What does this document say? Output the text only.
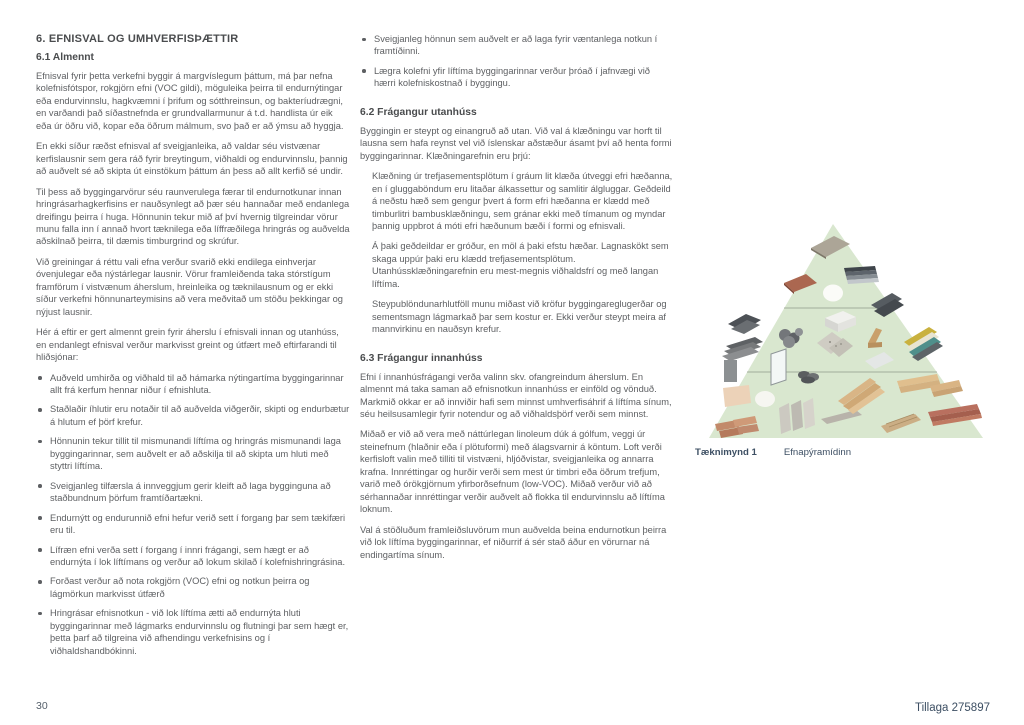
6. EFNISVAL OG UMHVERFISÞÆTTIR
6.1 Almennt

Efnisval fyrir þetta verkefni byggir á margvíslegum þáttum, má þar nefna kolefnisfótspor, rokgjörn efni (VOC gildi), möguleika þeirra til endurnýtingar eða endurvinnslu, hagkvæmni í þrifum og sótthreinsun, og bakteríudrægni, en varðandi það síðastnefnda er grundvallarmunur á t.d. handlista úr eik eða úr öðru við, kopar eða öðrum málmum, svo það er að ýmsu að hyggja.

En ekki síður ræðst efnisval af sveigjanleika, að valdar séu vistvænar kerfislausnir sem gera ráð fyrir breytingum, viðhaldi og endurvinnslu, þannig að auðvelt sé að skipta út einstökum þáttum án þess að allt kerfið sé undir.

Til þess að byggingarvörur séu raunverulega færar til endurnotkunar innan hringrásarhagkerfisins er nauðsynlegt að þær séu hannaðar með endanlega dreifingu þeirra í huga. Hönnunin tekur mið af því hvernig tilgreindar vörur munu falla inn í annað hvort tæknilega eða líffræðilega hringrás og auðvelda aðskilnað þeirra, til dæmis timburgrind og skrúfur.

Við greiningar á réttu vali efna verður svarið ekki endilega einhverjar óvenjulegar eða nýstárlegar lausnir. Vörur framleiðenda taka stórstígum framförum í vistvænum áherslum, hreinleika og tæknilausnum og er ekki síður verkefni hönnunarteymisins að vera meðvitað um stöðu þekkingar og nýjust lausnir.

Hér á eftir er gert almennt grein fyrir áherslu í efnisvali innan og utanhúss, en endanlegt efnisval verður markvisst greint og útfært með eftirfarandi til hliðsjónar:

Auðveld umhirða og viðhald til að hámarka nýtingartíma byggingarinnar allt frá kerfum hennar niður í efnishluta.
Staðlaðir íhlutir eru notaðir til að auðvelda viðgerðir, skipti og endurbætur á hlutum ef þörf krefur.
Hönnunin tekur tillit til mismunandi líftíma og hringrás mismunandi laga byggingarinnar, sem auðvelt er að aðskilja til að skipta um hluti með styttri líftíma.
Sveigjanleg tilfærsla á innveggjum gerir kleift að laga bygginguna að staðbundnum þörfum framtíðartækni.
Endurnýtt og endurunnið efni hefur verið sett í forgang þar sem tækifæri eru til.
Lífræn efni verða sett í forgang í innri frágangi, sem hægt er að endurnýta í lok líftímans og verður að lokum skilað í kolefnishringrásina.
Forðast verður að nota rokgjörn (VOC) efni og notkun þeirra og lágmörkun markvisst útfærð
Hringrásar efnisnotkun - við lok líftíma ætti að endurnýta hluti byggingarinnar með lágmarks endurvinnslu og flutningi þar sem hægt er, þetta þarf að tilgreina við afhendingu verkefnisins og í viðhaldshandbókinni.
Sveigjanleg hönnun sem auðvelt er að laga fyrir væntanlega notkun í framtíðinni.
Lægra kolefni yfir líftíma byggingarinnar verður þróað í jafnvægi við hærri kolefniskostnað í byggingu.
6.2 Frágangur utanhúss

Byggingin er steypt og einangruð að utan. Við val á klæðningu var horft til lausna sem hafa reynst vel við íslenskar aðstæður ásamt því að henta formi byggingarinnar. Klæðningarefnin eru þrjú:

Klæðning úr trefjasementsplötum í gráum lit klæða útveggi efri hæðanna, en í gluggaböndum eru litaðar álkassettur og samlitir álgluggar. Geðdeild á neðstu hæð sem gengur þvert á form efri hæðanna er klædd með timburlitri bambusklæðningu, sem gránar ekki með tímanum og myndar þannig uppbrot á móti efri hæðunum bæði í formi og efnisvali.

Á þaki geðdeildar er gróður, en möl á þaki efstu hæðar. Lagnaskökt sem skaga uppúr þaki eru klædd trefjasementsplötum. Utanhússklæðningarefnin eru mest-megnis viðhaldsfrí og með langan líftíma.

Steypublöndunarhlutföll munu miðast við kröfur byggingareglugerðar og sementsmagn lágmarkað þar sem kostur er. Ekki verður steypt meira af mannvirkinu en nauðsyn krefur.

6.3 Frágangur innanhúss

Efni í innanhúsfrágangi verða valinn skv. ofangreindum áherslum. En almennt má taka saman að efnisnotkun innanhúss er einföld og vönduð. Markmið okkar er að innviðir hafi sem minnst umhverfisáhrif á líftíma sínum, séu heilsusamlegir fyrir notendur og að viðhaldsþörf verði sem minnst.

Miðað er við að vera með náttúrlegan linoleum dúk á gólfum, veggi úr steinefnum (hlaðnir eða í plötuformi) með álagsvarnir á köntum. Loft verði kerfisloft valin með tilliti til vistvæni, hljóðvistar, sveigjanleika og annarra krafna. Innréttingar og hurðir verði sem mest úr timbri eða öðrum trefjum, varið með órökgjörnum yfirborðsefnum (low-VOC). Miðað verður við að sérhannaðar innréttingar verðir auðvelt að flokka til endurvinnslu að líftíma loknum.

Val á stöðluðum framleiðsluvörum mun auðvelda beina endurnotkun þeirra við lok líftíma byggingarinnar, ef niðurrif á sér stað áður en vörurnar ná endingartíma sínum.

Tæknimynd 1	Efnapýramídinn
30	Tillaga 275897
